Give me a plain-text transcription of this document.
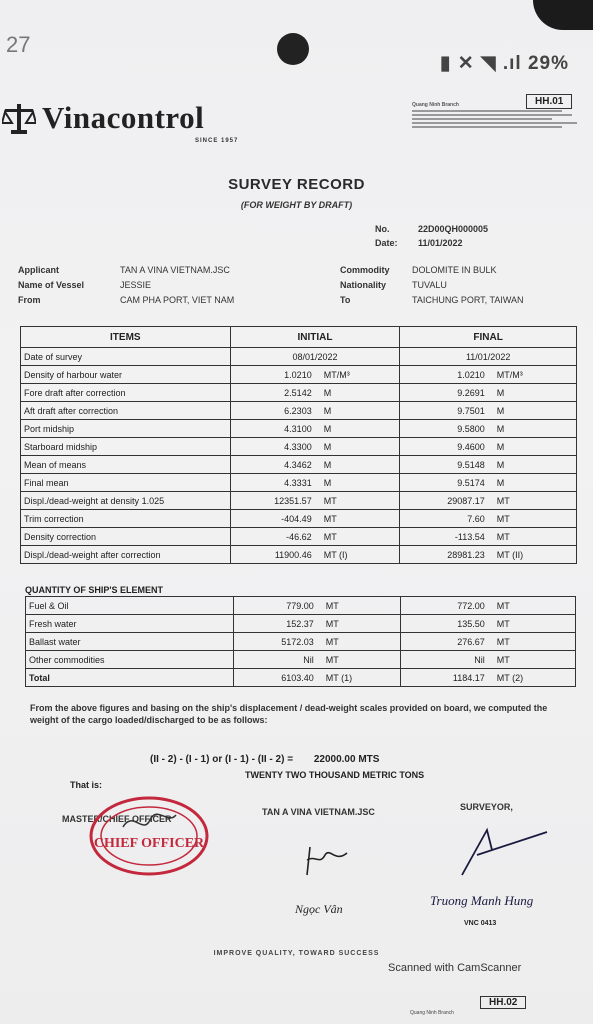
27
▮ ✕ ◥ .ıl 29%
Vinacontrol
SINCE 1957
Quang Ninh Branch	HH.01
SURVEY RECORD
(FOR WEIGHT BY DRAFT)
No.	22D00QH000005
Date: 11/01/2022
Applicant	TAN A VINA VIETNAM.JSC
Name of Vessel	JESSIE
From	CAM PHA PORT, VIET NAM
Commodity	DOLOMITE IN BULK
Nationality	TUVALU
To	TAICHUNG PORT, TAIWAN
ITEMS	INITIAL	FINAL
Date of survey	08/01/2022	11/01/2022
Density of harbour water	1.0210 MT/M³	1.0210 MT/M³
Fore draft after correction	2.5142 M	9.2691 M
Aft draft after correction	6.2303 M	9.7501 M
Port midship	4.3100 M	9.5800 M
Starboard midship	4.3300 M	9.4600 M
Mean of means	4.3462 M	9.5148 M
Final mean	4.3331 M	9.5174 M
Displ./dead-weight at density 1.025	12351.57 MT	29087.17 MT
Trim correction	-404.49 MT	7.60 MT
Density correction	-46.62 MT	-113.54 MT
Displ./dead-weight after correction	11900.46 MT (I)	28981.23 MT (II)
QUANTITY OF SHIP'S ELEMENT
Fuel & Oil	779.00 MT	772.00 MT
Fresh water	152.37 MT	135.50 MT
Ballast water	5172.03 MT	276.67 MT
Other commodities	Nil MT	Nil MT
Total	6103.40 MT (1)	1184.17 MT (2)
From the above figures and basing on the ship's displacement / dead-weight scales provided on board, we computed the weight of the cargo loaded/discharged to be as follows:
(II - 2) - (I - 1) or (I - 1) - (II - 2) = 22000.00 MTS
That is:
TWENTY TWO THOUSAND METRIC TONS
MASTER/CHIEF OFFICER
TAN A VINA VIETNAM.JSC	SURVEYOR,
CHIEF OFFICER
Ngọc Vân
Truong Manh Hung
VNC 0413
IMPROVE QUALITY, TOWARD SUCCESS
Scanned with CamScanner
HH.02
Quang Ninh Branch
